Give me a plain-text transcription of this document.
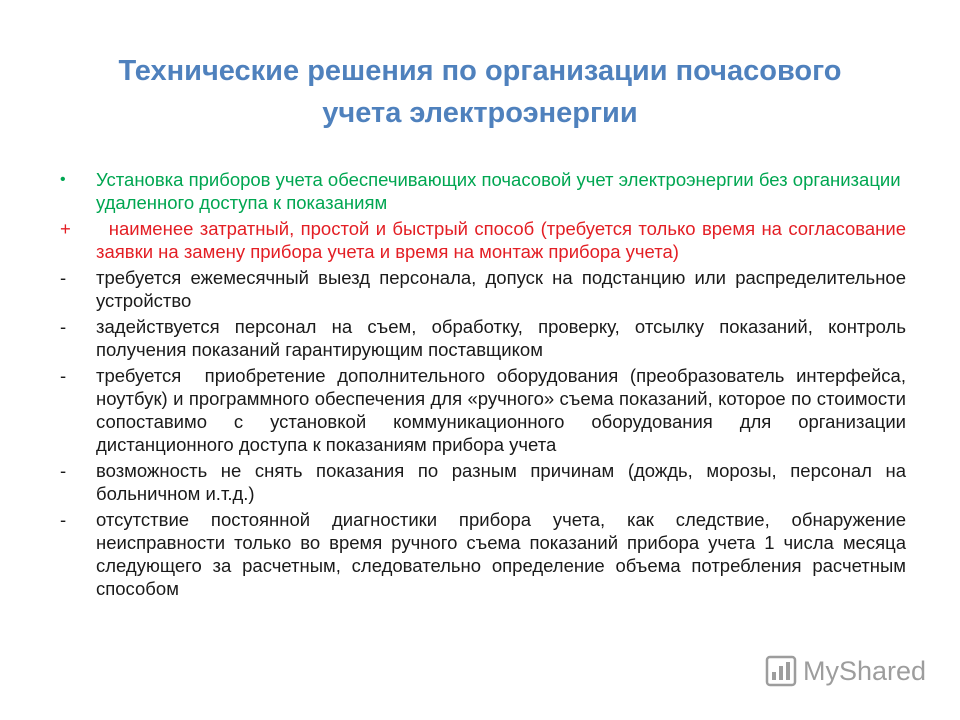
Технические решения по организации почасового
учета электроэнергии
•	Установка приборов учета обеспечивающих почасовой учет электроэнергии без организации удаленного доступа к показаниям
+	наименее затратный, простой и быстрый способ (требуется только время на согласование заявки на замену прибора учета и время на монтаж прибора учета)
-	требуется ежемесячный выезд персонала, допуск на подстанцию или распределительное устройство
-	задействуется персонал на съем, обработку, проверку, отсылку показаний, контроль получения показаний гарантирующим поставщиком
-	требуется  приобретение дополнительного оборудования (преобразователь интерфейса, ноутбук) и программного обеспечения для «ручного» съема показаний, которое по стоимости сопоставимо с установкой коммуникационного оборудования для организации дистанционного доступа к показаниям прибора учета
-	возможность не снять показания по разным причинам (дождь, морозы, персонал на больничном и.т.д.)
-	отсутствие постоянной диагностики прибора учета, как следствие, обнаружение неисправности только во время ручного съема показаний прибора учета 1 числа месяца следующего за расчетным, следовательно определение объема потребления расчетным способом
MyShared
